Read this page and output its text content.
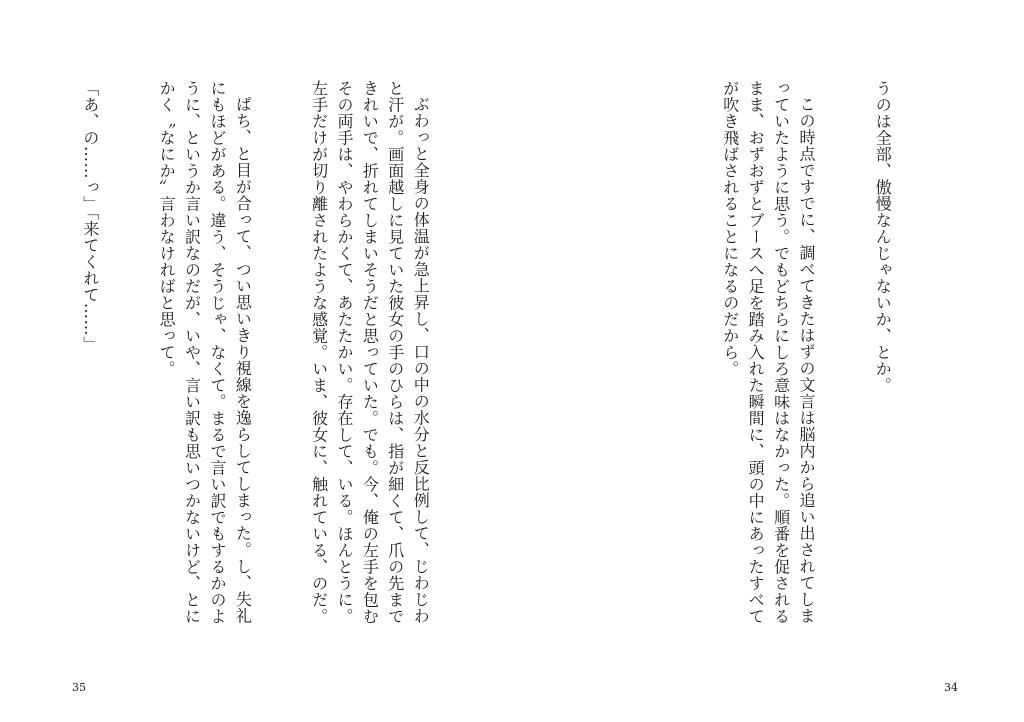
ぶわっと全身の体温が急上昇し、口の中の水分と反比例して、じわじわと汗が。画面越しに見ていた彼女の手のひらは、指が細くて、爪の先まできれいで、折れてしまいそうだと思っていた。でも。今、俺の左手を包むその両手は、やわらかくて、あたたかい。存在して、いる。ほんとうに。左手だけが切り離されたような感覚。いま、彼女に、触れている、のだ。

ぱち、と目が合って、つい思いきり視線を逸らしてしまった。し、失礼にもほどがある。違う、そうじゃ、なくて。まるで言い訳でもするかのように、というか言い訳なのだが、いや、言い訳も思いつかないけど、とにかく〝なにか〟言わなければと思って。

「あ、の……っ」「来てくれて……」

35

うのは全部、傲慢なんじゃないか、とか。

この時点ですでに、調べてきたはずの文言は脳内から追い出されてしまっていたように思う。でもどちらにしろ意味はなかった。順番を促されるまま、おずおずとブースへ足を踏み入れた瞬間に、頭の中にあったすべてが吹き飛ばされることになるのだから。

34
